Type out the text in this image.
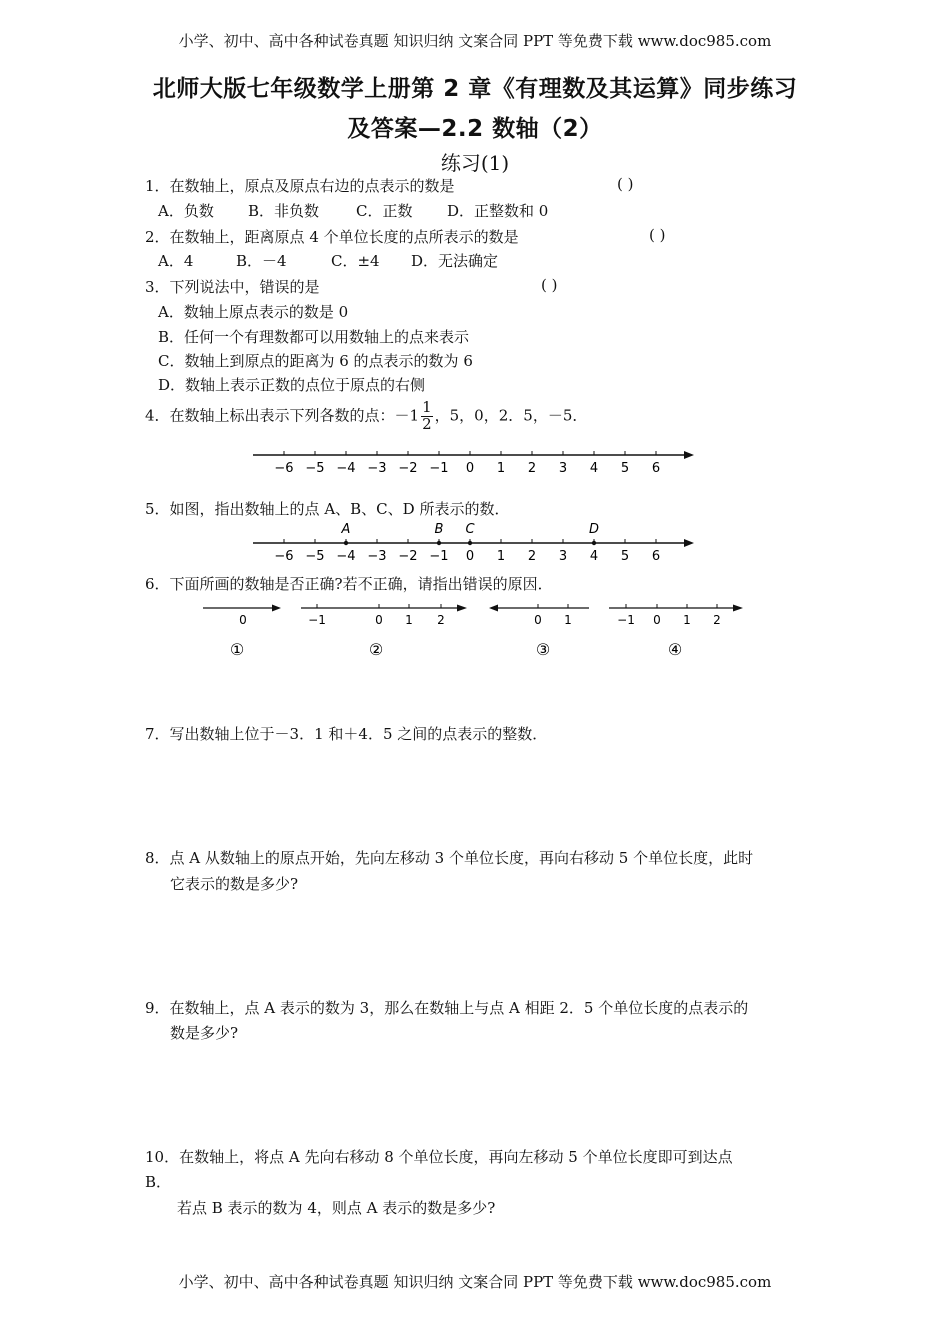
小学、初中、高中各种试卷真题 知识归纳 文案合同 PPT 等免费下载 www.doc985.com
北师大版七年级数学上册第 2 章《有理数及其运算》同步练习
及答案—2.2 数轴（2）
练习(1)
1．在数轴上，原点及原点右边的点表示的数是	( )
A．负数 B．非负数 C．正数 D．正整数和 0
2．在数轴上，距离原点 4 个单位长度的点所表示的数是	( )
A．4	B．－4	C．±4 D．无法确定
3．下列说法中，错误的是	( )
A．数轴上原点表示的数是 0
B．任何一个有理数都可以用数轴上的点来表示
C．数轴上到原点的距离为 6 的点表示的数为 6
D．数轴上表示正数的点位于原点的右侧
4．在数轴上标出表示下列各数的点：$-1 \frac{1}{2}$ ，5，0，2．5，－5．
−6 −5 −4 −3 −2 −1 0 1 2 3 4 5 6
5．如图，指出数轴上的点 A、B、C、D 所表示的数．
−6 −5 −4 −3 −2 −1 0 1 2 3 4 5 6
A	B C	D
6．下面所画的数轴是否正确?若不正确，请指出错误的原因．
0
①
−1	0 1 2
②
0 1
③
−1 0 1 2
④
7．写出数轴上位于－3．1 和＋4．5 之间的点表示的整数．
8．点 A 从数轴上的原点开始，先向左移动 3 个单位长度，再向右移动 5 个单位长度，此时
它表示的数是多少?
9．在数轴上，点 A 表示的数为 3，那么在数轴上与点 A 相距 2．5 个单位长度的点表示的
数是多少?
10．在数轴上，将点 A 先向右移动 8 个单位长度，再向左移动 5 个单位长度即可到达点
B．
若点 B 表示的数为 4，则点 A 表示的数是多少?
小学、初中、高中各种试卷真题 知识归纳 文案合同 PPT 等免费下载 www.doc985.com
